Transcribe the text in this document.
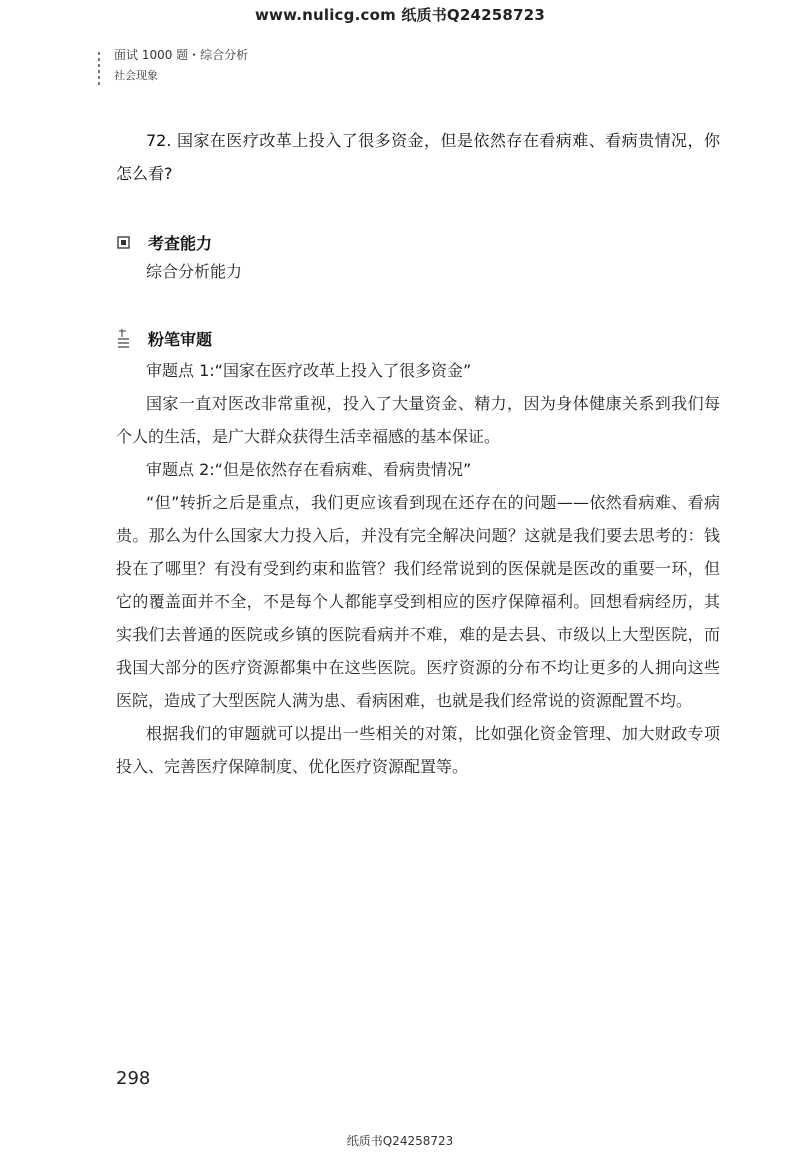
www.nulicg.com 纸质书Q24258723
面试 1000 题・综合分析
社会现象
72. 国家在医疗改革上投入了很多资金，但是依然存在看病难、看病贵情况，你怎么看?
考查能力
综合分析能力
粉笔审题

审题点 1:“国家在医疗改革上投入了很多资金”

国家一直对医改非常重视，投入了大量资金、精力，因为身体健康关系到我们每个人的生活，是广大群众获得生活幸福感的基本保证。

审题点 2:“但是依然存在看病难、看病贵情况”

“但”转折之后是重点，我们更应该看到现在还存在的问题——依然看病难、看病贵。那么为什么国家大力投入后，并没有完全解决问题？这就是我们要去思考的：钱投在了哪里？有没有受到约束和监管？我们经常说到的医保就是医改的重要一环，但它的覆盖面并不全，不是每个人都能享受到相应的医疗保障福利。回想看病经历，其实我们去普通的医院或乡镇的医院看病并不难，难的是去县、市级以上大型医院，而我国大部分的医疗资源都集中在这些医院。医疗资源的分布不均让更多的人拥向这些医院，造成了大型医院人满为患、看病困难，也就是我们经常说的资源配置不均。

根据我们的审题就可以提出一些相关的对策，比如强化资金管理、加大财政专项投入、完善医疗保障制度、优化医疗资源配置等。

298
纸质书Q24258723
